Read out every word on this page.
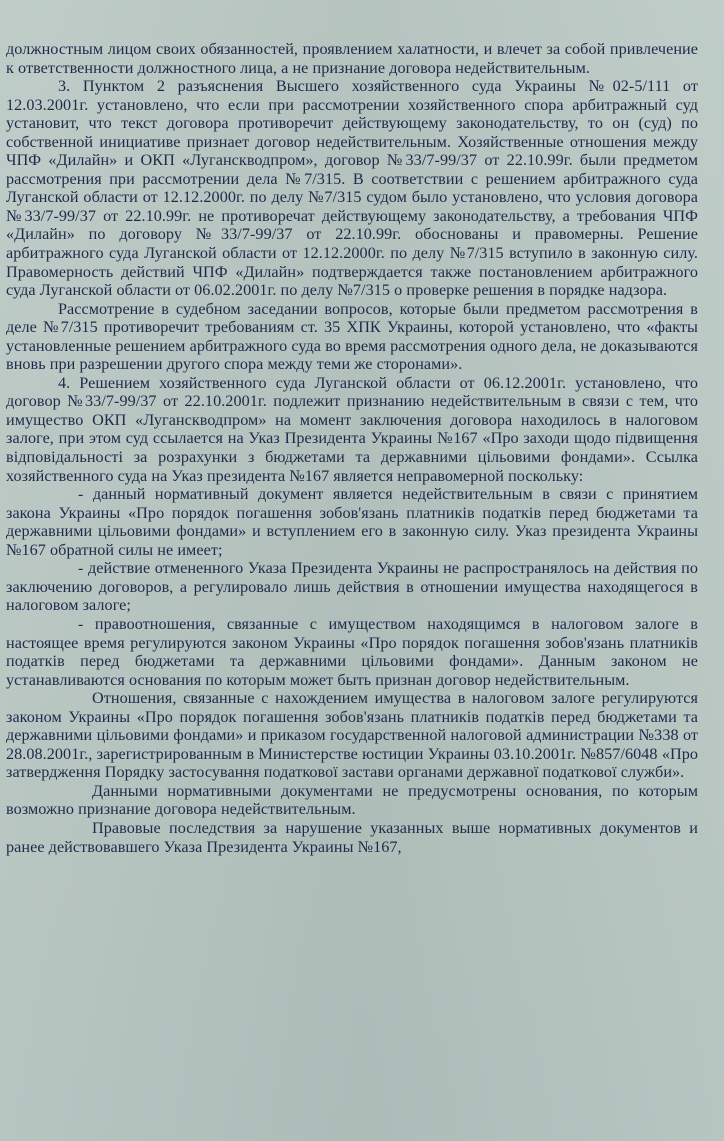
должностным лицом своих обязанностей, проявлением халатности, и влечет за собой привлечение к ответственности должностного лица, а не признание договора недействительным.

3. Пунктом 2 разъяснения Высшего хозяйственного суда Украины №02-5/111 от 12.03.2001г. установлено, что если при рассмотрении хозяйственного спора арбитражный суд установит, что текст договора противоречит действующему законодательству, то он (суд) по собственной инициативе признает договор недействительным. Хозяйственные отношения между ЧПФ «Дилайн» и ОКП «Луганскводпром», договор №33/7-99/37 от 22.10.99г. были предметом рассмотрения при рассмотрении дела №7/315. В соответствии с решением арбитражного суда Луганской области от 12.12.2000г. по делу №7/315 судом было установлено, что условия договора №33/7-99/37 от 22.10.99г. не противоречат действующему законодательству, а требования ЧПФ «Дилайн» по договору №33/7-99/37 от 22.10.99г. обоснованы и правомерны. Решение арбитражного суда Луганской области от 12.12.2000г. по делу №7/315 вступило в законную силу. Правомерность действий ЧПФ «Дилайн» подтверждается также постановлением арбитражного суда Луганской области от 06.02.2001г. по делу №7/315 о проверке решения в порядке надзора.

Рассмотрение в судебном заседании вопросов, которые были предметом рассмотрения в деле №7/315 противоречит требованиям ст. 35 ХПК Украины, которой установлено, что «факты установленные решением арбитражного суда во время рассмотрения одного дела, не доказываются вновь при разрешении другого спора между теми же сторонами».

4. Решением хозяйственного суда Луганской области от 06.12.2001г. установлено, что договор №33/7-99/37 от 22.10.2001г. подлежит признанию недействительным в связи с тем, что имущество ОКП «Луганскводпром» на момент заключения договора находилось в налоговом залоге, при этом суд ссылается на Указ Президента Украины №167 «Про заходи щодо підвищення відповідальності за розрахунки з бюджетами та державними цільовими фондами». Ссылка хозяйственного суда на Указ президента №167 является неправомерной поскольку:

- данный нормативный документ является недействительным в связи с принятием закона Украины «Про порядок погашення зобов'язань платників податків перед бюджетами та державними цільовими фондами» и вступлением его в законную силу. Указ президента Украины №167 обратной силы не имеет;

- действие отмененного Указа Президента Украины не распространялось на действия по заключению договоров, а регулировало лишь действия в отношении имущества находящегося в налоговом залоге;

- правоотношения, связанные с имуществом находящимся в налоговом залоге в настоящее время регулируются законом Украины «Про порядок погашення зобов'язань платників податків перед бюджетами та державними цільовими фондами». Данным законом не устанавливаются основания по которым может быть признан договор недействительным.

Отношения, связанные с нахождением имущества в налоговом залоге регулируются законом Украины «Про порядок погашення зобов'язань платників податків перед бюджетами та державними цільовими фондами» и приказом государственной налоговой администрации №338 от 28.08.2001г., зарегистрированным в Министерстве юстиции Украины 03.10.2001г. №857/6048 «Про затвердження Порядку застосування податкової застави органами державної податкової служби».

Данными нормативными документами не предусмотрены основания, по которым возможно признание договора недействительным.

Правовые последствия за нарушение указанных выше нормативных документов и ранее действовавшего Указа Президента Украины №167,
